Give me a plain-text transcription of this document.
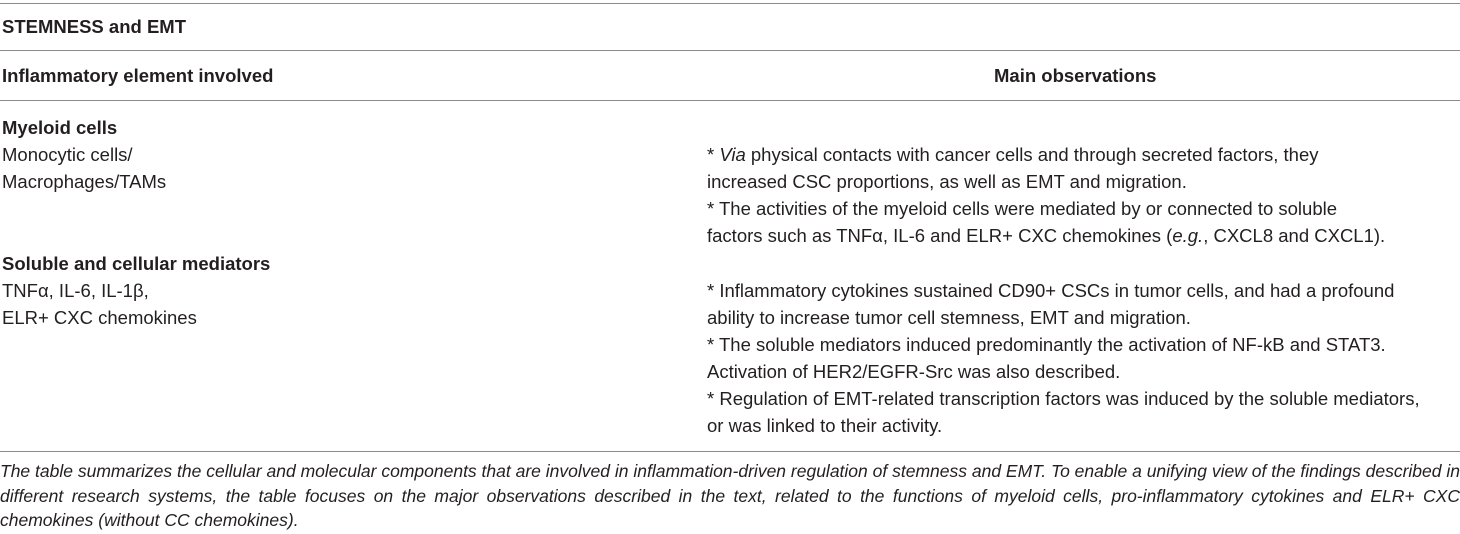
STEMNESS and EMT
Inflammatory element involved	Main observations
Myeloid cells
Monocytic cells/
Macrophages/TAMs
* Via physical contacts with cancer cells and through secreted factors, they
increased CSC proportions, as well as EMT and migration.
* The activities of the myeloid cells were mediated by or connected to soluble
factors such as TNFα, IL-6 and ELR+ CXC chemokines (e.g., CXCL8 and CXCL1).
Soluble and cellular mediators
TNFα, IL-6, IL-1β,
ELR+ CXC chemokines
* Inflammatory cytokines sustained CD90+ CSCs in tumor cells, and had a profound
ability to increase tumor cell stemness, EMT and migration.
* The soluble mediators induced predominantly the activation of NF-kB and STAT3.
Activation of HER2/EGFR-Src was also described.
* Regulation of EMT-related transcription factors was induced by the soluble mediators,
or was linked to their activity.
The table summarizes the cellular and molecular components that are involved in inflammation-driven regulation of stemness and EMT. To enable a unifying view of the findings described in different research systems, the table focuses on the major observations described in the text, related to the functions of myeloid cells, pro-inflammatory cytokines and ELR+ CXC chemokines (without CC chemokines).
